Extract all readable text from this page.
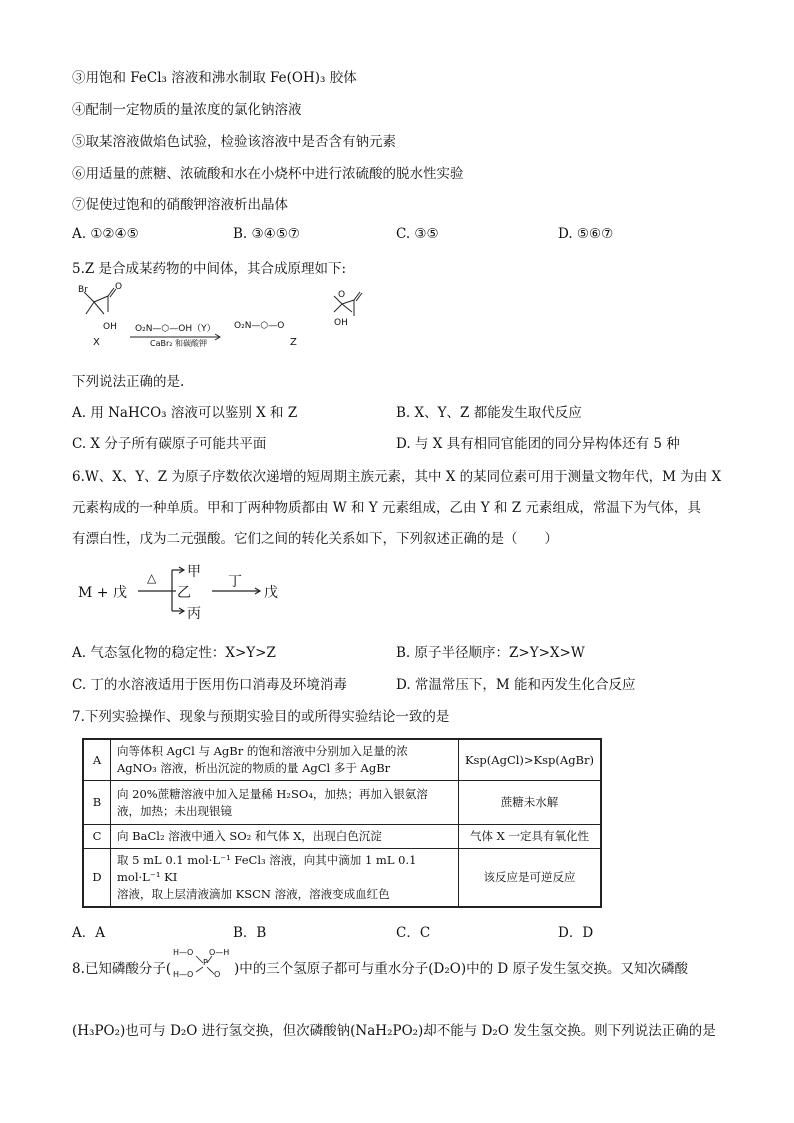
③用饱和 FeCl₃ 溶液和沸水制取 Fe(OH)₃ 胶体
④配制一定物质的量浓度的氯化钠溶液
⑤取某溶液做焰色试验，检验该溶液中是否含有钠元素
⑥用适量的蔗糖、浓硫酸和水在小烧杯中进行浓硫酸的脱水性实验
⑦促使过饱和的硝酸钾溶液析出晶体
A. ①②④⑤	B. ③④⑤⑦	C. ③⑤	D. ⑤⑥⑦
5.Z 是合成某药物的中间体，其合成原理如下:
Br	O
OH
X
O₂N—⬡—OH（Y）
CaBr₂ 和碳酸钾
O₂N—⬡—O
O
OH
Z
下列说法正确的是.
A. 用 NaHCO₃ 溶液可以鉴别 X 和 Z	B. X、Y、Z 都能发生取代反应
C. X 分子所有碳原子可能共平面	D. 与 X 具有相同官能团的同分异构体还有 5 种
6.W、X、Y、Z 为原子序数依次递增的短周期主族元素，其中 X 的某同位素可用于测量文物年代，M 为由 X
元素构成的一种单质。甲和丁两种物质都由 W 和 Y 元素组成，乙由 Y 和 Z 元素组成，常温下为气体，具
有漂白性，戊为二元强酸。它们之间的转化关系如下，下列叙述正确的是（　　）
M + 戊
△ 甲
乙
丙
丁
戊
A. 气态氢化物的稳定性：X>Y>Z	B. 原子半径顺序：Z>Y>X>W
C. 丁的水溶液适用于医用伤口消毒及环境消毒	D. 常温常压下，M 能和丙发生化合反应
7.下列实验操作、现象与预期实验目的或所得实验结论一致的是
A	向等体积 AgCl 与 AgBr 的饱和溶液中分别加入足量的浓
AgNO₃ 溶液，析出沉淀的物质的量 AgCl 多于 AgBr	Ksp(AgCl)>Ksp(AgBr)
B	向 20%蔗糖溶液中加入足量稀 H₂SO₄，加热；再加入银氨溶
液，加热；未出现银镜	蔗糖未水解
C	向 BaCl₂ 溶液中通入 SO₂ 和气体 X，出现白色沉淀	气体 X 一定具有氧化性
D	取 5 mL 0.1 mol·L⁻¹ FeCl₃ 溶液，向其中滴加 1 mL 0.1 mol·L⁻¹ KI
溶液，取上层清液滴加 KSCN 溶液，溶液变成血红色	该反应是可逆反应
A．A	B．B	C．C	D．D
8.已知磷酸分子(
H—O O—H
P
O
H—O	)中的三个氢原子都可与重水分子(D₂O)中的 D 原子发生氢交换。又知次磷酸
(H₃PO₂)也可与 D₂O 进行氢交换，但次磷酸钠(NaH₂PO₂)却不能与 D₂O 发生氢交换。则下列说法正确的是
